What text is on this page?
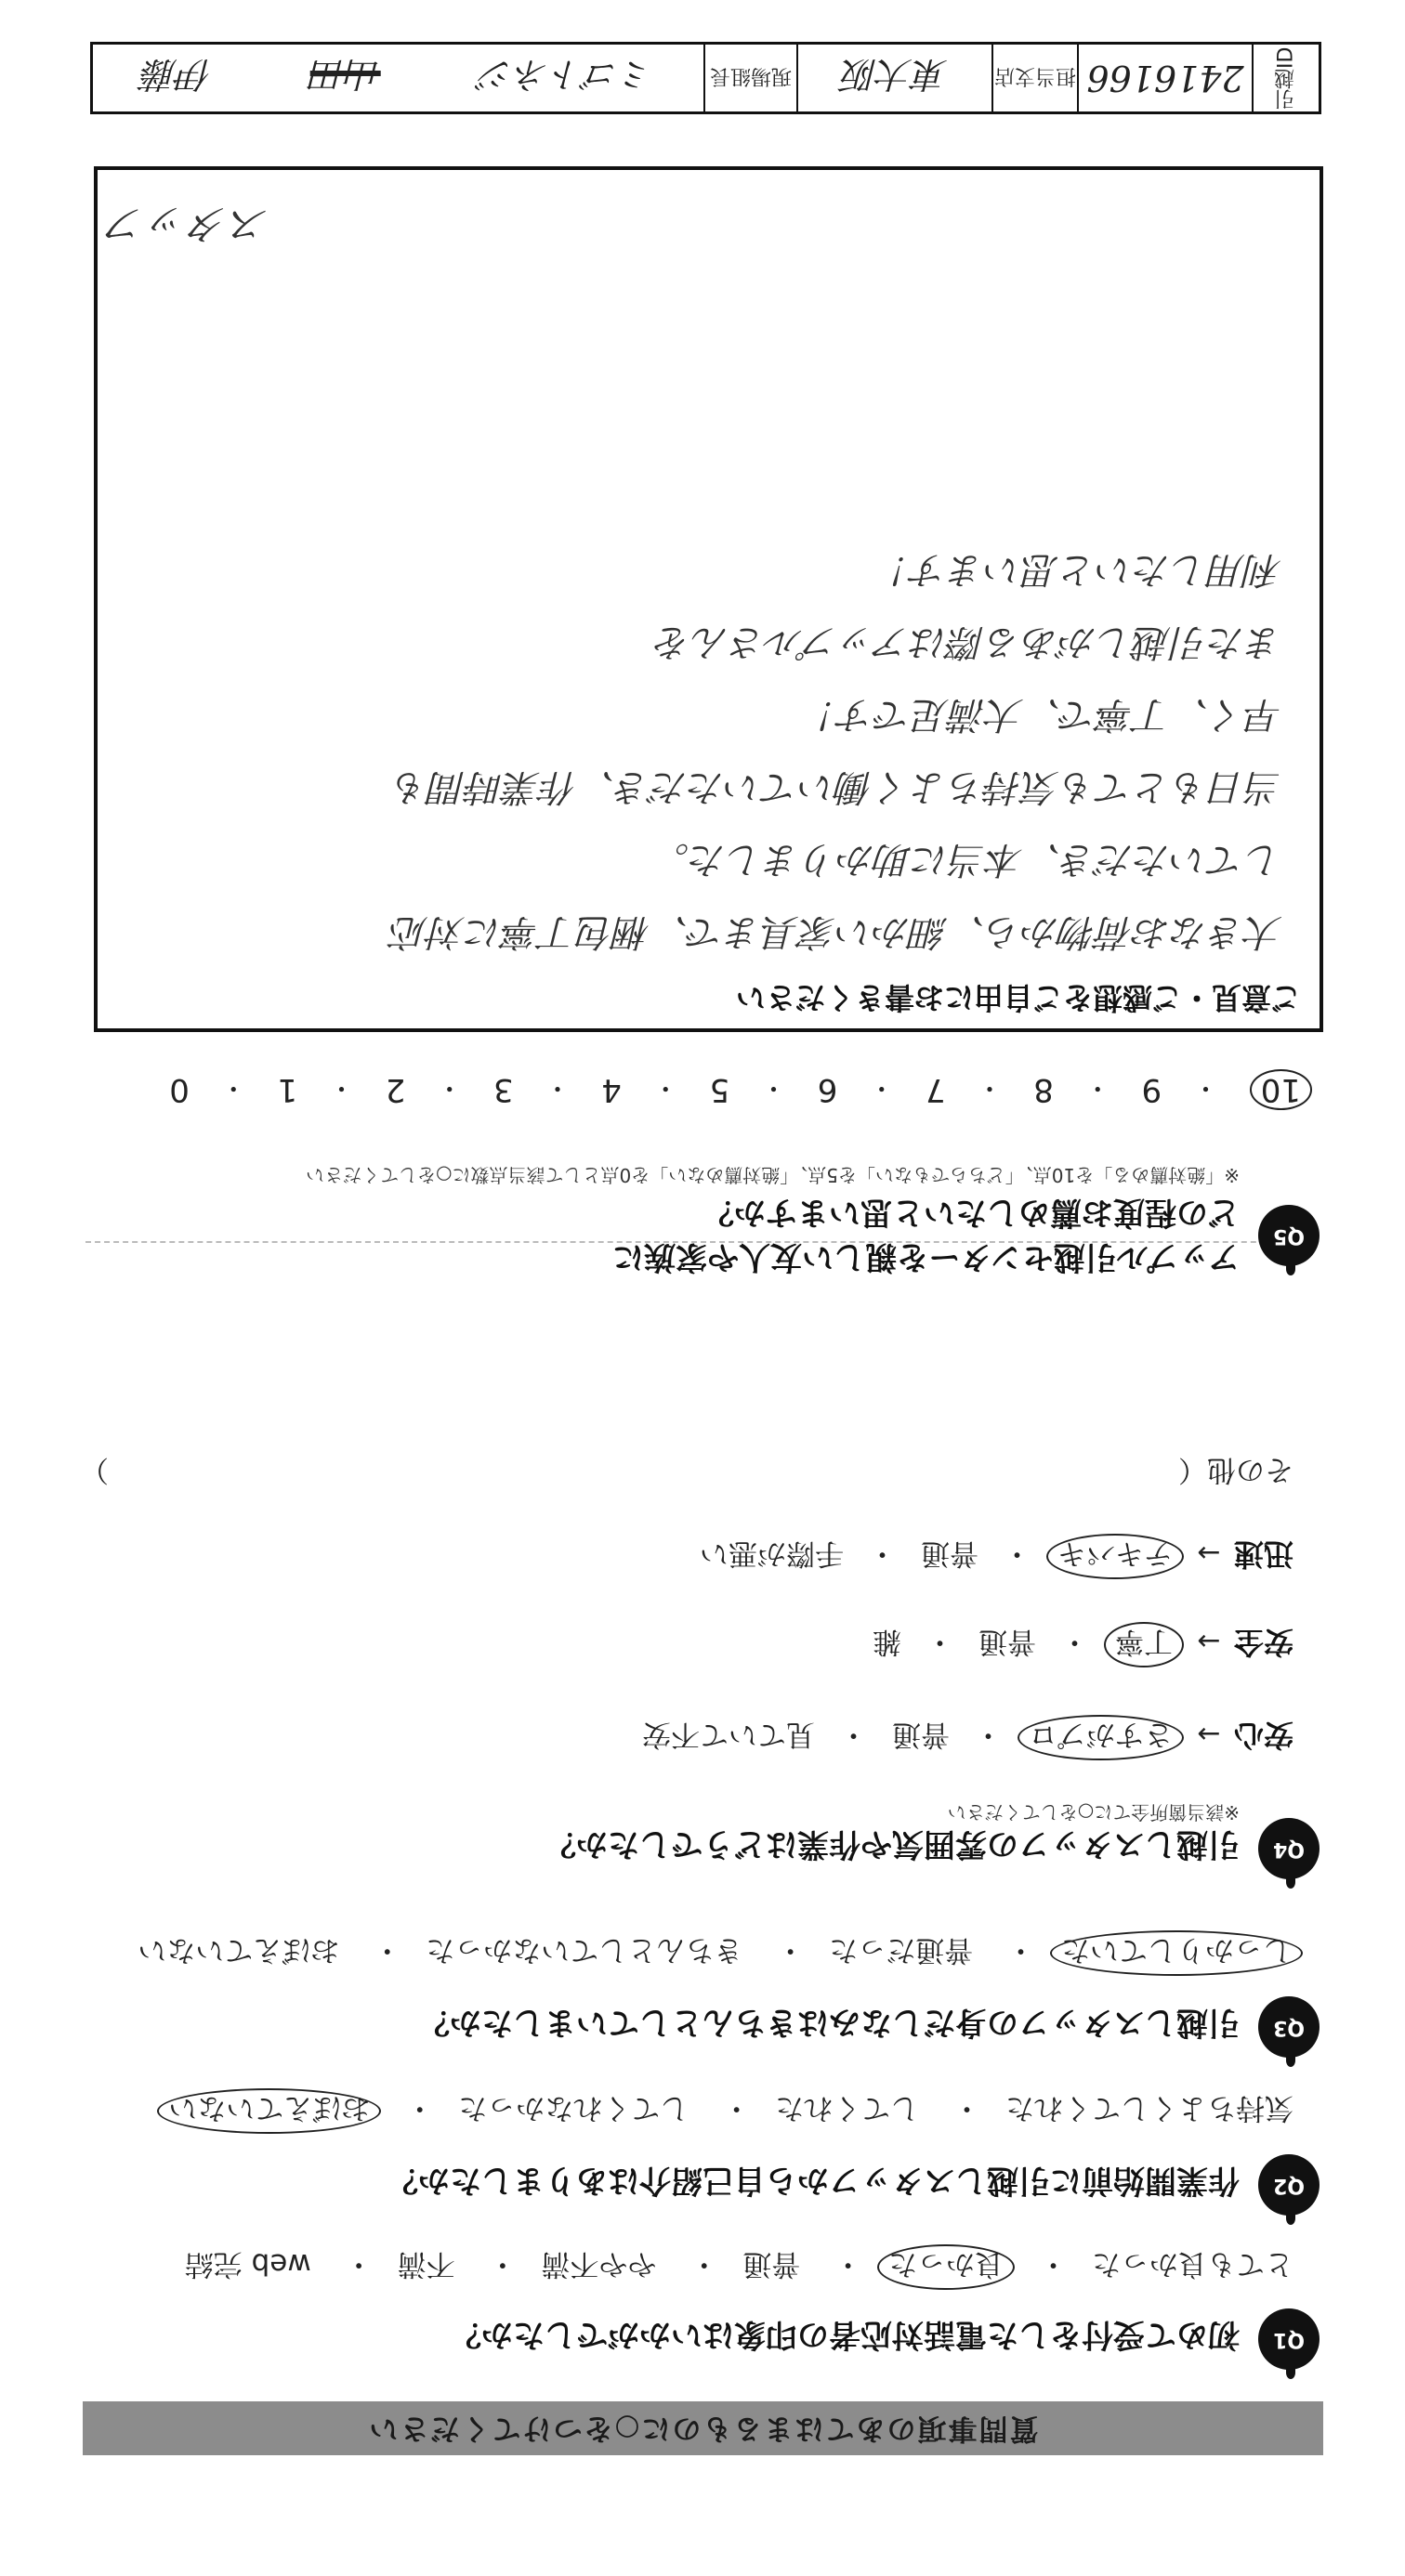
質問事項のあてはまるものに○をつけてください
Q1
初めて受付をした電話対応者の印象はいかがでしたか？
とても良かった・ 良かった・ 普通・ やや不満・ 不満・ web 完結
Q2
作業開始前に引越しスタッフから自己紹介はありましたか？
気持ちよくしてくれた・ してくれた・ してくれなかった・ おぼえていない
Q3
引越しスタッフの身だしなみはきちんとしていましたか？
しっかりしていた・ 普通だった・ きちんとしていなかった・ おぼえていない
Q4
引越しスタッフの雰囲気や作業はどうでしたか？
※該当箇所全てに○をしてください
安心  →   さすがプロ・普通・見ていて不安
安全  →   丁寧・普通・雑
迅速  →   テキパキ・普通・手際が悪い
その他（
）
Q5
アップル引越センターを親しい友人や家族に
どの程度お薦めしたいと思いますか？
※「絶対薦める」を10点、「どちらでもない」を5点、「絶対薦めない」を0点として該当点数に○をしてください
10
・
9
・
8
・
7
・
6
・
5
・
4
・
3
・
2
・
1
・
0
ご意見・ご感想をご自由にお書きください
大きなお荷物から、細かい家具まで、梱包丁寧に対応
していただき、本当に助かりました。
当日もとても気持ちよく働いていただき、作業時間も
早く、丁寧で、大満足です！
また引越しがある際はアップルさんを
利用したいと思います！
スタッフ
引越ID
2416166
担当支店
東大阪
現場組長
ミゴトネジ
山田
伊藤
